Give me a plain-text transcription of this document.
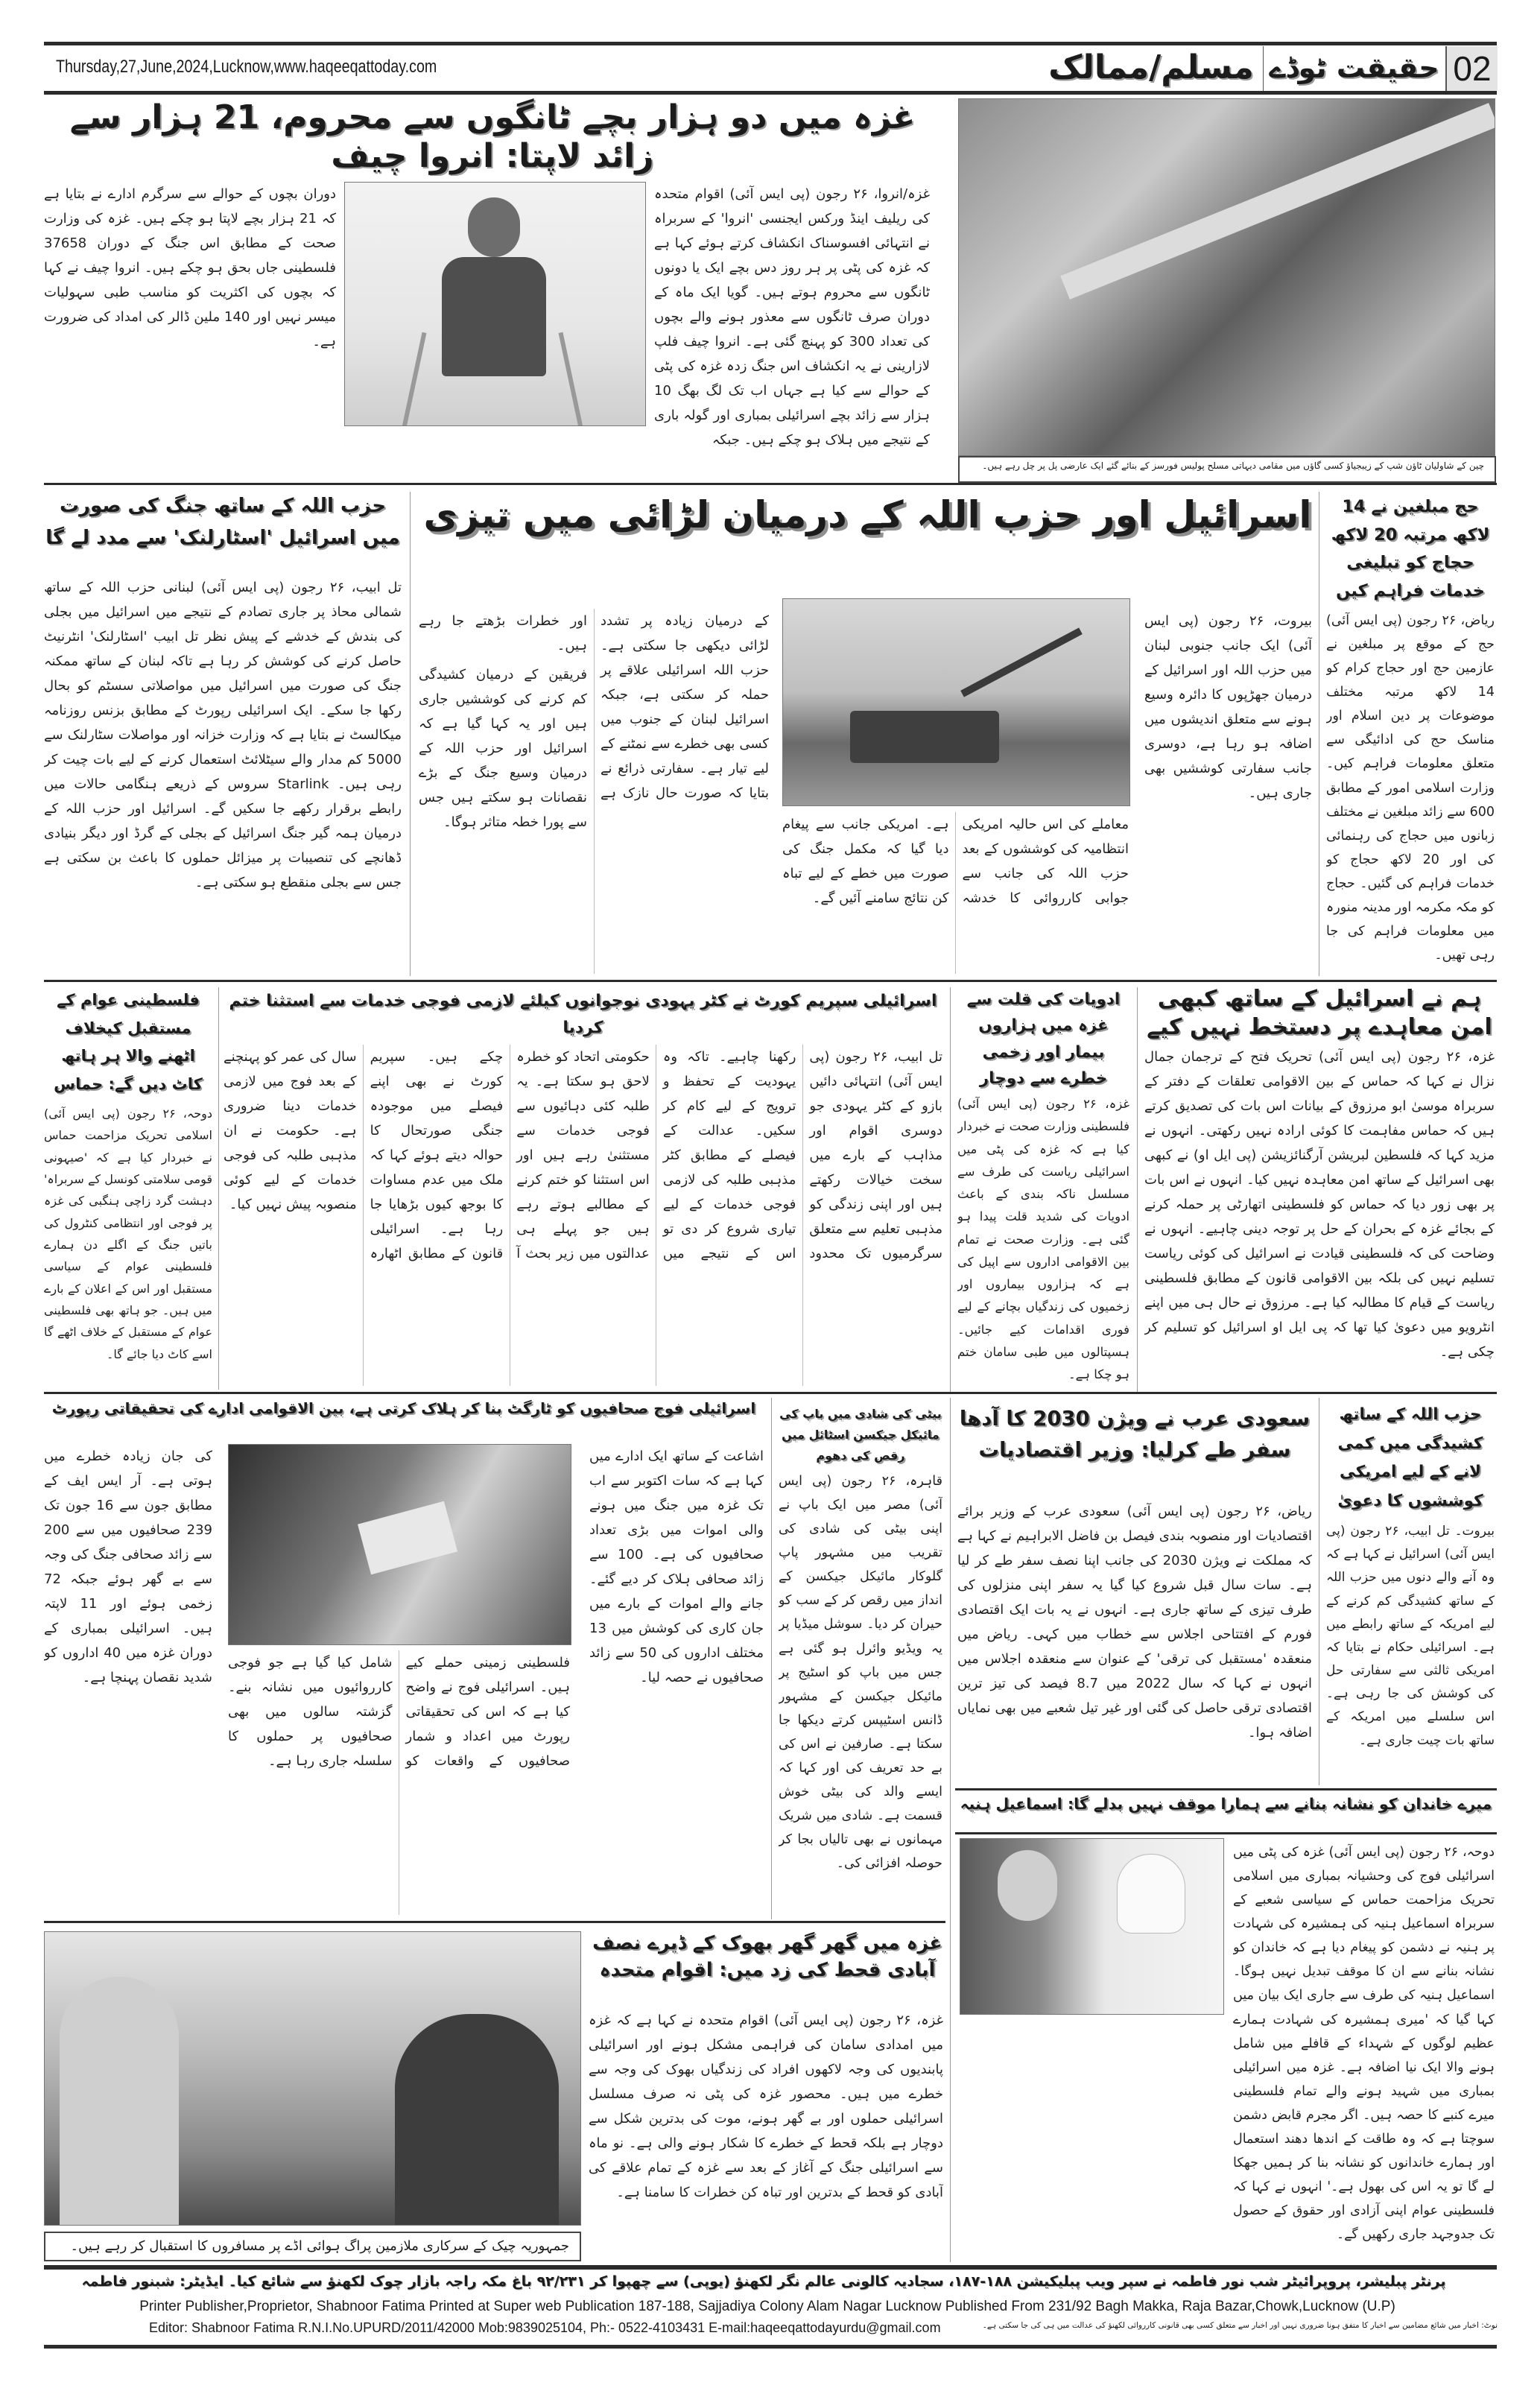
Thursday,27,June,2024,Lucknow,www.haqeeqattoday.com	مسلم/ممالک حقیقت ٹوڈے 02
غزہ میں دو ہزار بچے ٹانگوں سے محروم، 21 ہزار سے زائد لاپتا: انروا چیف

غزہ/انروا، ۲۶ رجون (پی ایس آئی) اقوام متحدہ کی ریلیف اینڈ ورکس ایجنسی 'انروا' کے سربراہ نے انتہائی افسوسناک انکشاف کرتے ہوئے کہا ہے کہ غزہ کی پٹی پر ہر روز دس بچے ایک یا دونوں ٹانگوں سے محروم ہوتے ہیں۔ گویا ایک ماہ کے دوران صرف ٹانگوں سے معذور ہونے والے بچوں کی تعداد 300 کو پہنچ گئی ہے۔ انروا چیف فلپ لازارینی نے یہ انکشاف اس جنگ زدہ غزہ کی پٹی کے حوالے سے کیا ہے جہاں اب تک لگ بھگ 10 ہزار سے زائد بچے اسرائیلی بمباری اور گولہ باری کے نتیجے میں ہلاک ہو چکے ہیں۔ جبکہ

دوران بچوں کے حوالے سے سرگرم ادارے نے بتایا ہے کہ 21 ہزار بچے لاپتا ہو چکے ہیں۔ غزہ کی وزارت صحت کے مطابق اس جنگ کے دوران 37658 فلسطینی جاں بحق ہو چکے ہیں۔ انروا چیف نے کہا کہ بچوں کی اکثریت کو مناسب طبی سہولیات میسر نہیں اور 140 ملین ڈالر کی امداد کی ضرورت ہے۔

چین کے شاولیان ٹاؤن شپ کے زیبجیاؤ کسی گاؤں میں مقامی دیہاتی مسلح پولیس فورسز کے بنائے گئے ایک عارضی پل پر چل رہے ہیں۔
حزب اللہ کے ساتھ جنگ کی صورت میں اسرائیل 'اسٹارلنک' سے مدد لے گا

تل ابیب، ۲۶ رجون (پی ایس آئی) لبنانی حزب اللہ کے ساتھ شمالی محاذ پر جاری تصادم کے نتیجے میں اسرائیل میں بجلی کی بندش کے خدشے کے پیش نظر تل ابیب 'اسٹارلنک' انٹرنیٹ حاصل کرنے کی کوشش کر رہا ہے تاکہ لبنان کے ساتھ ممکنہ جنگ کی صورت میں اسرائیل میں مواصلاتی سسٹم کو بحال رکھا جا سکے۔ ایک اسرائیلی رپورٹ کے مطابق بزنس روزنامہ میکالسٹ نے بتایا ہے کہ وزارت خزانہ اور مواصلات سٹارلنک سے 5000 کم مدار والے سیٹلائٹ استعمال کرنے کے لیے بات چیت کر رہی ہیں۔ Starlink سروس کے ذریعے ہنگامی حالات میں رابطے برقرار رکھے جا سکیں گے۔ اسرائیل اور حزب اللہ کے درمیان ہمہ گیر جنگ اسرائیل کے بجلی کے گرڈ اور دیگر بنیادی ڈھانچے کی تنصیبات پر میزائل حملوں کا باعث بن سکتی ہے جس سے بجلی منقطع ہو سکتی ہے۔

اسرائیل اور حزب اللہ کے درمیان لڑائی میں تیزی

بیروت، ۲۶ رجون (پی ایس آئی) ایک جانب جنوبی لبنان میں حزب اللہ اور اسرائیل کے درمیان جھڑپوں کا دائرہ وسیع ہونے سے متعلق اندیشوں میں اضافہ ہو رہا ہے، دوسری جانب سفارتی کوششیں بھی جاری ہیں۔

معاملے کی اس حالیہ امریکی انتظامیہ کی کوششوں کے بعد حزب اللہ کی جانب سے جوابی کارروائی کا خدشہ ہے۔ امریکی جانب سے پیغام دیا گیا کہ مکمل جنگ کی صورت میں خطے کے لیے تباہ کن نتائج سامنے آئیں گے۔

کے درمیان زیادہ پر تشدد لڑائی دیکھی جا سکتی ہے۔ حزب اللہ اسرائیلی علاقے پر حملہ کر سکتی ہے، جبکہ اسرائیل لبنان کے جنوب میں کسی بھی خطرے سے نمٹنے کے لیے تیار ہے۔ سفارتی ذرائع نے بتایا کہ صورت حال نازک ہے اور خطرات بڑھتے جا رہے ہیں۔

فریقین کے درمیان کشیدگی کم کرنے کی کوششیں جاری ہیں اور یہ کہا گیا ہے کہ اسرائیل اور حزب اللہ کے درمیان وسیع جنگ کے بڑے نقصانات ہو سکتے ہیں جس سے پورا خطہ متاثر ہوگا۔

حج مبلغین نے 14 لاکھ مرتبہ 20 لاکھ حجاج کو تبلیغی خدمات فراہم کیں

ریاض، ۲۶ رجون (پی ایس آئی) حج کے موقع پر مبلغین نے عازمین حج اور حجاج کرام کو 14 لاکھ مرتبہ مختلف موضوعات پر دین اسلام اور مناسک حج کی ادائیگی سے متعلق معلومات فراہم کیں۔ وزارت اسلامی امور کے مطابق 600 سے زائد مبلغین نے مختلف زبانوں میں حجاج کی رہنمائی کی اور 20 لاکھ حجاج کو خدمات فراہم کی گئیں۔ حجاج کو مکہ مکرمہ اور مدینہ منورہ میں معلومات فراہم کی جا رہی تھیں۔

فلسطینی عوام کے مستقبل کیخلاف اٹھنے والا ہر ہاتھ کاٹ دیں گے: حماس

دوحہ، ۲۶ رجون (پی ایس آئی) اسلامی تحریک مزاحمت حماس نے خبردار کیا ہے کہ 'صیہونی قومی سلامتی کونسل کے سربراہ' دہشت گرد زاچی ہنگبی کی غزہ پر فوجی اور انتظامی کنٹرول کی باتیں جنگ کے اگلے دن ہمارے فلسطینی عوام کے سیاسی مستقبل اور اس کے اعلان کے بارے میں ہیں۔ جو ہاتھ بھی فلسطینی عوام کے مستقبل کے خلاف اٹھے گا اسے کاٹ دیا جائے گا۔

اسرائیلی سپریم کورٹ نے کٹر یہودی نوجوانوں کیلئے لازمی فوجی خدمات سے استثنا ختم کردیا

تل ابیب، ۲۶ رجون (پی ایس آئی) انتہائی دائیں بازو کے کٹر یہودی جو دوسری اقوام اور مذاہب کے بارے میں سخت خیالات رکھتے ہیں اور اپنی زندگی کو مذہبی تعلیم سے متعلق سرگرمیوں تک محدود رکھنا چاہیے۔ تاکہ وہ یہودیت کے تحفظ و ترویج کے لیے کام کر سکیں۔ عدالت کے فیصلے کے مطابق کٹر مذہبی طلبہ کی لازمی فوجی خدمات کے لیے تیاری شروع کر دی تو اس کے نتیجے میں حکومتی اتحاد کو خطرہ لاحق ہو سکتا ہے۔ یہ طلبہ کئی دہائیوں سے فوجی خدمات سے مستثنیٰ رہے ہیں اور اس استثنا کو ختم کرنے کے مطالبے ہوتے رہے ہیں جو پہلے ہی عدالتوں میں زیر بحث آ چکے ہیں۔ سپریم کورٹ نے بھی اپنے فیصلے میں موجودہ جنگی صورتحال کا حوالہ دیتے ہوئے کہا کہ ملک میں عدم مساوات کا بوجھ کیوں بڑھایا جا رہا ہے۔ اسرائیلی قانون کے مطابق اٹھارہ سال کی عمر کو پہنچنے کے بعد فوج میں لازمی خدمات دینا ضروری ہے۔ حکومت نے ان مذہبی طلبہ کی فوجی خدمات کے لیے کوئی منصوبہ پیش نہیں کیا۔

ادویات کی قلت سے غزہ میں ہزاروں بیمار اور زخمی خطرے سے دوچار

غزہ، ۲۶ رجون (پی ایس آئی) فلسطینی وزارت صحت نے خبردار کیا ہے کہ غزہ کی پٹی میں اسرائیلی ریاست کی طرف سے مسلسل ناکہ بندی کے باعث ادویات کی شدید قلت پیدا ہو گئی ہے۔ وزارت صحت نے تمام بین الاقوامی اداروں سے اپیل کی ہے کہ ہزاروں بیماروں اور زخمیوں کی زندگیاں بچانے کے لیے فوری اقدامات کیے جائیں۔ ہسپتالوں میں طبی سامان ختم ہو چکا ہے۔

ہم نے اسرائیل کے ساتھ کبھی امن معاہدے پر دستخط نہیں کیے

غزہ، ۲۶ رجون (پی ایس آئی) تحریک فتح کے ترجمان جمال نزال نے کہا کہ حماس کے بین الاقوامی تعلقات کے دفتر کے سربراہ موسیٰ ابو مرزوق کے بیانات اس بات کی تصدیق کرتے ہیں کہ حماس مفاہمت کا کوئی ارادہ نہیں رکھتی۔ انہوں نے مزید کہا کہ فلسطین لبریشن آرگنائزیشن (پی ایل او) نے کبھی بھی اسرائیل کے ساتھ امن معاہدہ نہیں کیا۔ انہوں نے اس بات پر بھی زور دیا کہ حماس کو فلسطینی اتھارٹی پر حملہ کرنے کے بجائے غزہ کے بحران کے حل پر توجہ دینی چاہیے۔ انہوں نے وضاحت کی کہ فلسطینی قیادت نے اسرائیل کی کوئی ریاست تسلیم نہیں کی بلکہ بین الاقوامی قانون کے مطابق فلسطینی ریاست کے قیام کا مطالبہ کیا ہے۔ مرزوق نے حال ہی میں اپنے انٹرویو میں دعویٰ کیا تھا کہ پی ایل او اسرائیل کو تسلیم کر چکی ہے۔

اسرائیلی فوج صحافیوں کو ٹارگٹ بنا کر ہلاک کرتی ہے، بین الاقوامی ادارے کی تحقیقاتی رپورٹ

اشاعت کے ساتھ ایک ادارے میں کہا ہے کہ سات اکتوبر سے اب تک غزہ میں جنگ میں ہونے والی اموات میں بڑی تعداد صحافیوں کی ہے۔ 100 سے زائد صحافی ہلاک کر دیے گئے۔ جانے والے اموات کے بارے میں جان کاری کی کوشش میں 13 مختلف اداروں کی 50 سے زائد صحافیوں نے حصہ لیا۔

فلسطینی زمینی حملے کیے ہیں۔ اسرائیلی فوج نے واضح کیا ہے کہ اس کی تحقیقاتی رپورٹ میں اعداد و شمار صحافیوں کے واقعات کو شامل کیا گیا ہے جو فوجی کارروائیوں میں نشانہ بنے۔ گزشتہ سالوں میں بھی صحافیوں پر حملوں کا سلسلہ جاری رہا ہے۔

کی جان زیادہ خطرے میں ہوتی ہے۔ آر ایس ایف کے مطابق جون سے 16 جون تک 239 صحافیوں میں سے 200 سے زائد صحافی جنگ کی وجہ سے بے گھر ہوئے جبکہ 72 زخمی ہوئے اور 11 لاپتہ ہیں۔ اسرائیلی بمباری کے دوران غزہ میں 40 اداروں کو شدید نقصان پہنچا ہے۔

بیٹی کی شادی میں باپ کی مائیکل جیکسن اسٹائل میں رقص کی دھوم

قاہرہ، ۲۶ رجون (پی ایس آئی) مصر میں ایک باپ نے اپنی بیٹی کی شادی کی تقریب میں مشہور پاپ گلوکار مائیکل جیکسن کے انداز میں رقص کر کے سب کو حیران کر دیا۔ سوشل میڈیا پر یہ ویڈیو وائرل ہو گئی ہے جس میں باپ کو اسٹیج پر مائیکل جیکسن کے مشہور ڈانس اسٹیپس کرتے دیکھا جا سکتا ہے۔ صارفین نے اس کی بے حد تعریف کی اور کہا کہ ایسے والد کی بیٹی خوش قسمت ہے۔ شادی میں شریک مہمانوں نے بھی تالیاں بجا کر حوصلہ افزائی کی۔

سعودی عرب نے ویژن 2030 کا آدھا سفر طے کرلیا: وزیر اقتصادیات

ریاض، ۲۶ رجون (پی ایس آئی) سعودی عرب کے وزیر برائے اقتصادیات اور منصوبہ بندی فیصل بن فاضل الابراہیم نے کہا ہے کہ مملکت نے ویژن 2030 کی جانب اپنا نصف سفر طے کر لیا ہے۔ سات سال قبل شروع کیا گیا یہ سفر اپنی منزلوں کی طرف تیزی کے ساتھ جاری ہے۔ انہوں نے یہ بات ایک اقتصادی فورم کے افتتاحی اجلاس سے خطاب میں کہی۔ ریاض میں منعقدہ 'مستقبل کی ترقی' کے عنوان سے منعقدہ اجلاس میں انہوں نے کہا کہ سال 2022 میں 8.7 فیصد کی تیز ترین اقتصادی ترقی حاصل کی گئی اور غیر تیل شعبے میں بھی نمایاں اضافہ ہوا۔

حزب اللہ کے ساتھ کشیدگی میں کمی لانے کے لیے امریکی کوششوں کا دعویٰ

بیروت۔ تل ابیب، ۲۶ رجون (پی ایس آئی) اسرائیل نے کہا ہے کہ وہ آنے والے دنوں میں حزب اللہ کے ساتھ کشیدگی کم کرنے کے لیے امریکہ کے ساتھ رابطے میں ہے۔ اسرائیلی حکام نے بتایا کہ امریکی ثالثی سے سفارتی حل کی کوشش کی جا رہی ہے۔ اس سلسلے میں امریکہ کے ساتھ بات چیت جاری ہے۔

میرے خاندان کو نشانہ بنانے سے ہمارا موقف نہیں بدلے گا: اسماعیل ہنیہ

دوحہ، ۲۶ رجون (پی ایس آئی) غزہ کی پٹی میں اسرائیلی فوج کی وحشیانہ بمباری میں اسلامی تحریک مزاحمت حماس کے سیاسی شعبے کے سربراہ اسماعیل ہنیہ کی ہمشیرہ کی شہادت پر ہنیہ نے دشمن کو پیغام دیا ہے کہ خاندان کو نشانہ بنانے سے ان کا موقف تبدیل نہیں ہوگا۔ اسماعیل ہنیہ کی طرف سے جاری ایک بیان میں کہا گیا کہ 'میری ہمشیرہ کی شہادت ہمارے عظیم لوگوں کے شہداء کے قافلے میں شامل ہونے والا ایک نیا اضافہ ہے۔ غزہ میں اسرائیلی بمباری میں شہید ہونے والے تمام فلسطینی میرے کنبے کا حصہ ہیں۔ اگر مجرم قابض دشمن سوچتا ہے کہ وہ طاقت کے اندھا دھند استعمال اور ہمارے خاندانوں کو نشانہ بنا کر ہمیں جھکا لے گا تو یہ اس کی بھول ہے۔' انہوں نے کہا کہ فلسطینی عوام اپنی آزادی اور حقوق کے حصول تک جدوجہد جاری رکھیں گے۔

جمہوریہ چیک کے سرکاری ملازمین پراگ ہوائی اڈے پر مسافروں کا استقبال کر رہے ہیں۔
غزہ میں گھر گھر بھوک کے ڈیرے نصف آبادی قحط کی زد میں: اقوام متحدہ

غزہ، ۲۶ رجون (پی ایس آئی) اقوام متحدہ نے کہا ہے کہ غزہ میں امدادی سامان کی فراہمی مشکل ہونے اور اسرائیلی پابندیوں کی وجہ لاکھوں افراد کی زندگیاں بھوک کی وجہ سے خطرے میں ہیں۔ محصور غزہ کی پٹی نہ صرف مسلسل اسرائیلی حملوں اور بے گھر ہونے، موت کی بدترین شکل سے دوچار ہے بلکہ قحط کے خطرے کا شکار ہونے والی ہے۔ نو ماہ سے اسرائیلی جنگ کے آغاز کے بعد سے غزہ کے تمام علاقے کی آبادی کو قحط کے بدترین اور تباہ کن خطرات کا سامنا ہے۔

پرنٹر پبلیشر، پروپرائیٹر شب نور فاطمہ نے سپر ویب پبلیکیشن ۱۸۸-۱۸۷، سجادیہ کالونی عالم نگر لکھنؤ (یوپی) سے چھپوا کر ۹۲/۲۳۱ باغ مکہ راجہ بازار چوک لکھنؤ سے شائع کیا۔ ایڈیٹر: شبنور فاطمہ
Printer Publisher,Proprietor, Shabnoor Fatima Printed at Super web Publication 187-188, Sajjadiya Colony Alam Nagar Lucknow Published From 231/92 Bagh Makka, Raja Bazar,Chowk,Lucknow (U.P)
Editor: Shabnoor Fatima R.N.I.No.UPURD/2011/42000 Mob:9839025104, Ph:- 0522-4103431 E-mail:haqeeqattodayurdu@gmail.com	نوٹ: اخبار میں شائع مضامین سے اخبار کا متفق ہونا ضروری نہیں اور اخبار سے متعلق کسی بھی قانونی کارروائی لکھنؤ کی عدالت میں ہی کی جا سکتی ہے۔
